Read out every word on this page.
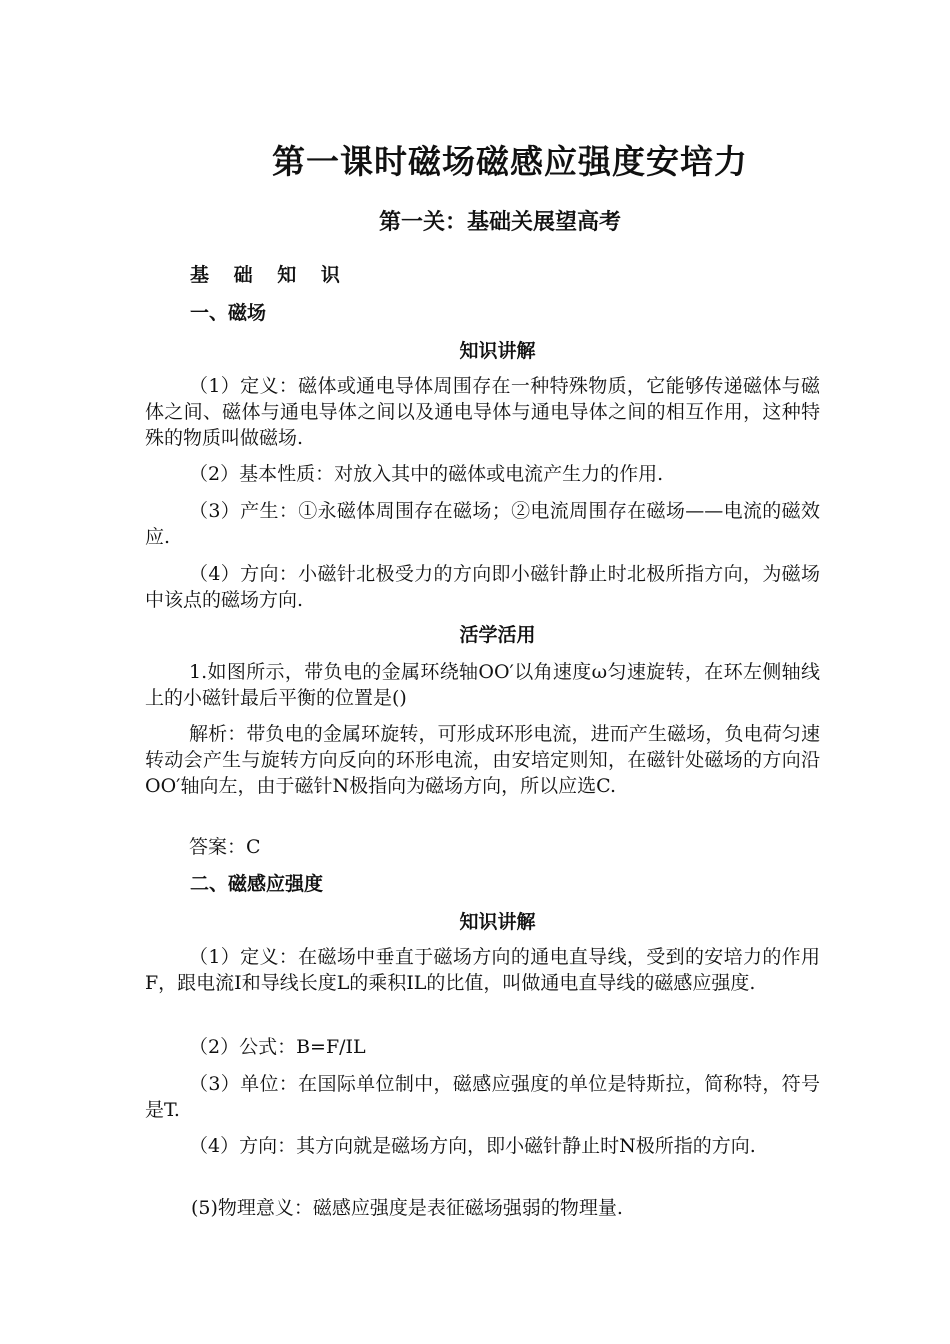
第一课时磁场磁感应强度安培力
第一关：基础关展望高考
基 础 知 识
一、磁场
知识讲解
（1）定义：磁体或通电导体周围存在一种特殊物质，它能够传递磁体与磁体之间、磁体与通电导体之间以及通电导体与通电导体之间的相互作用，这种特殊的物质叫做磁场.
（2）基本性质：对放入其中的磁体或电流产生力的作用.
（3）产生：①永磁体周围存在磁场；②电流周围存在磁场——电流的磁效应.
（4）方向：小磁针北极受力的方向即小磁针静止时北极所指方向，为磁场中该点的磁场方向.
活学活用
1.如图所示，带负电的金属环绕轴OO′以角速度ω匀速旋转，在环左侧轴线上的小磁针最后平衡的位置是()
解析：带负电的金属环旋转，可形成环形电流，进而产生磁场，负电荷匀速转动会产生与旋转方向反向的环形电流，由安培定则知，在磁针处磁场的方向沿OO′轴向左，由于磁针N极指向为磁场方向，所以应选C.
答案：C
二、磁感应强度
知识讲解
（1）定义：在磁场中垂直于磁场方向的通电直导线，受到的安培力的作用F，跟电流I和导线长度L的乘积IL的比值，叫做通电直导线的磁感应强度.
（2）公式：B=F/IL
（3）单位：在国际单位制中，磁感应强度的单位是特斯拉，简称特，符号是T.
（4）方向：其方向就是磁场方向，即小磁针静止时N极所指的方向.
(5)物理意义：磁感应强度是表征磁场强弱的物理量.
